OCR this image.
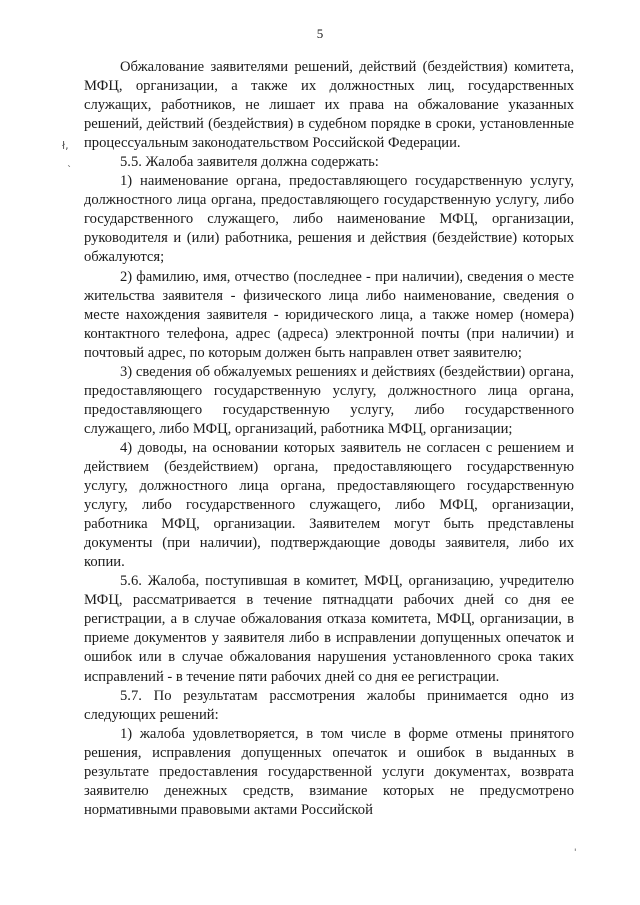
5
ł,
`
'

Обжалование заявителями решений, действий (бездействия) комитета, МФЦ, организации, а также их должностных лиц, государственных служащих, работников, не лишает их права на обжалование указанных решений, действий (бездействия) в судебном порядке в сроки, установленные процессуальным законодательством Российской Федерации.

5.5. Жалоба заявителя должна содержать:

1) наименование органа, предоставляющего государственную услугу, должностного лица органа, предоставляющего государственную услугу, либо государственного служащего, либо наименование МФЦ, организации, руководителя и (или) работника, решения и действия (бездействие) которых обжалуются;

2) фамилию, имя, отчество (последнее - при наличии), сведения о месте жительства заявителя - физического лица либо наименование, сведения о месте нахождения заявителя - юридического лица, а также номер (номера) контактного телефона, адрес (адреса) электронной почты (при наличии) и почтовый адрес, по которым должен быть направлен ответ заявителю;

3) сведения об обжалуемых решениях и действиях (бездействии) органа, предоставляющего государственную услугу, должностного лица органа, предоставляющего государственную услугу, либо государственного служащего, либо МФЦ, организаций, работника МФЦ, организации;

4) доводы, на основании которых заявитель не согласен с решением и действием (бездействием) органа, предоставляющего государственную услугу, должностного лица органа, предоставляющего государственную услугу, либо государственного служащего, либо МФЦ, организации, работника МФЦ, организации. Заявителем могут быть представлены документы (при наличии), подтверждающие доводы заявителя, либо их копии.

5.6. Жалоба, поступившая в комитет, МФЦ, организацию, учредителю МФЦ, рассматривается в течение пятнадцати рабочих дней со дня ее регистрации, а в случае обжалования отказа комитета, МФЦ, организации, в приеме документов у заявителя либо в исправлении допущенных опечаток и ошибок или в случае обжалования нарушения установленного срока таких исправлений - в течение пяти рабочих дней со дня ее регистрации.

5.7. По результатам рассмотрения жалобы принимается одно из следующих решений:

1) жалоба удовлетворяется, в том числе в форме отмены принятого решения, исправления допущенных опечаток и ошибок в выданных в результате предоставления государственной услуги документах, возврата заявителю денежных средств, взимание которых не предусмотрено нормативными правовыми актами Российской
